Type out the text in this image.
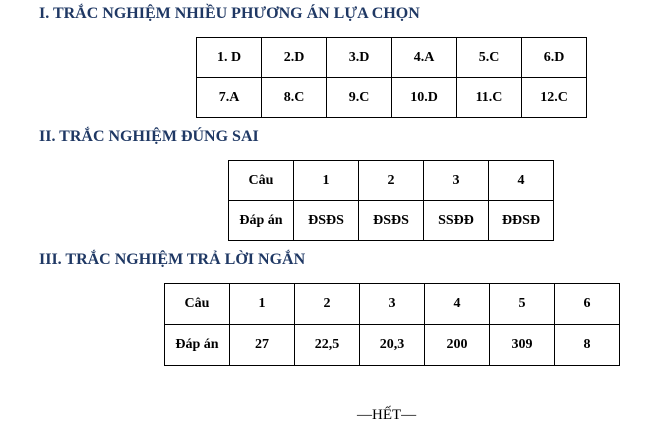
I. TRẮC NGHIỆM NHIỀU PHƯƠNG ÁN LỰA CHỌN
1. D	2.D	3.D	4.A	5.C	6.D
7.A	8.C	9.C	10.D	11.C	12.C
II. TRẮC NGHIỆM ĐÚNG SAI
Câu	1	2	3	4
Đáp án	ĐSĐS	ĐSĐS	SSĐĐ	ĐĐSĐ
III. TRẮC NGHIỆM TRẢ LỜI NGẮN
Câu	1	2	3	4	5	6
Đáp án	27	22,5	20,3	200	309	8

—HẾT—
